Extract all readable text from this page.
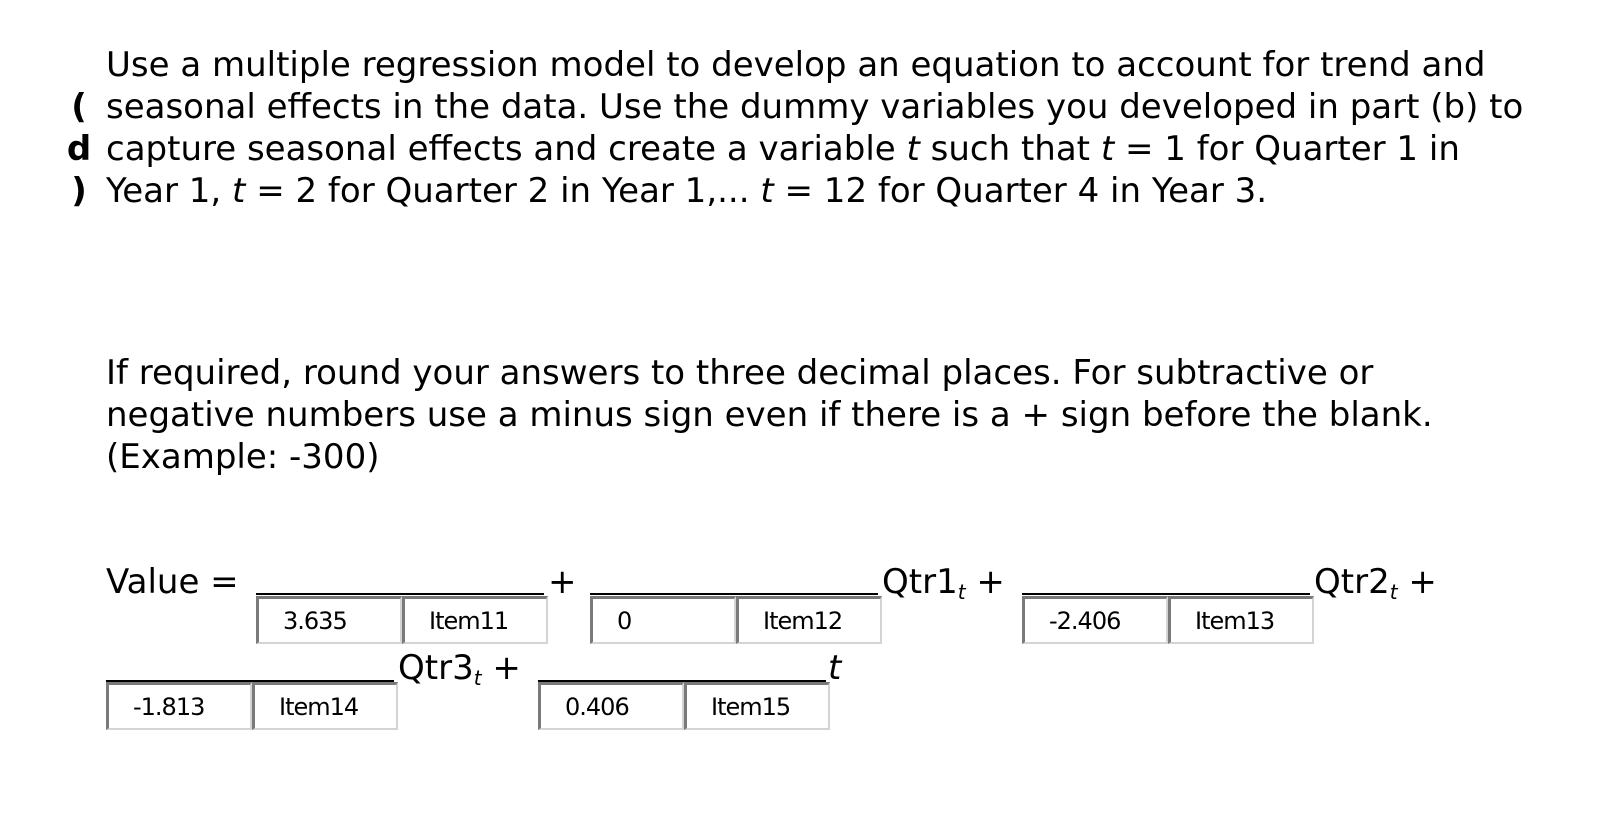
(
d
)
Use a multiple regression model to develop an equation to account for trend and seasonal effects in the data. Use the dummy variables you developed in part (b) to capture seasonal effects and create a variable t such that t = 1 for Quarter 1 in Year 1, t = 2 for Quarter 2 in Year 1,... t = 12 for Quarter 4 in Year 3.
If required, round your answers to three decimal places. For subtractive or negative numbers use a minus sign even if there is a + sign before the blank. (Example: -300)
Value =
3.635	Item11
+
0	Item12
$Qtr1_t$ +
-2.406	Item13
$Qtr2_t$ +
-1.813	Item14
$Qtr3_t$ +
0.406	Item15
t
